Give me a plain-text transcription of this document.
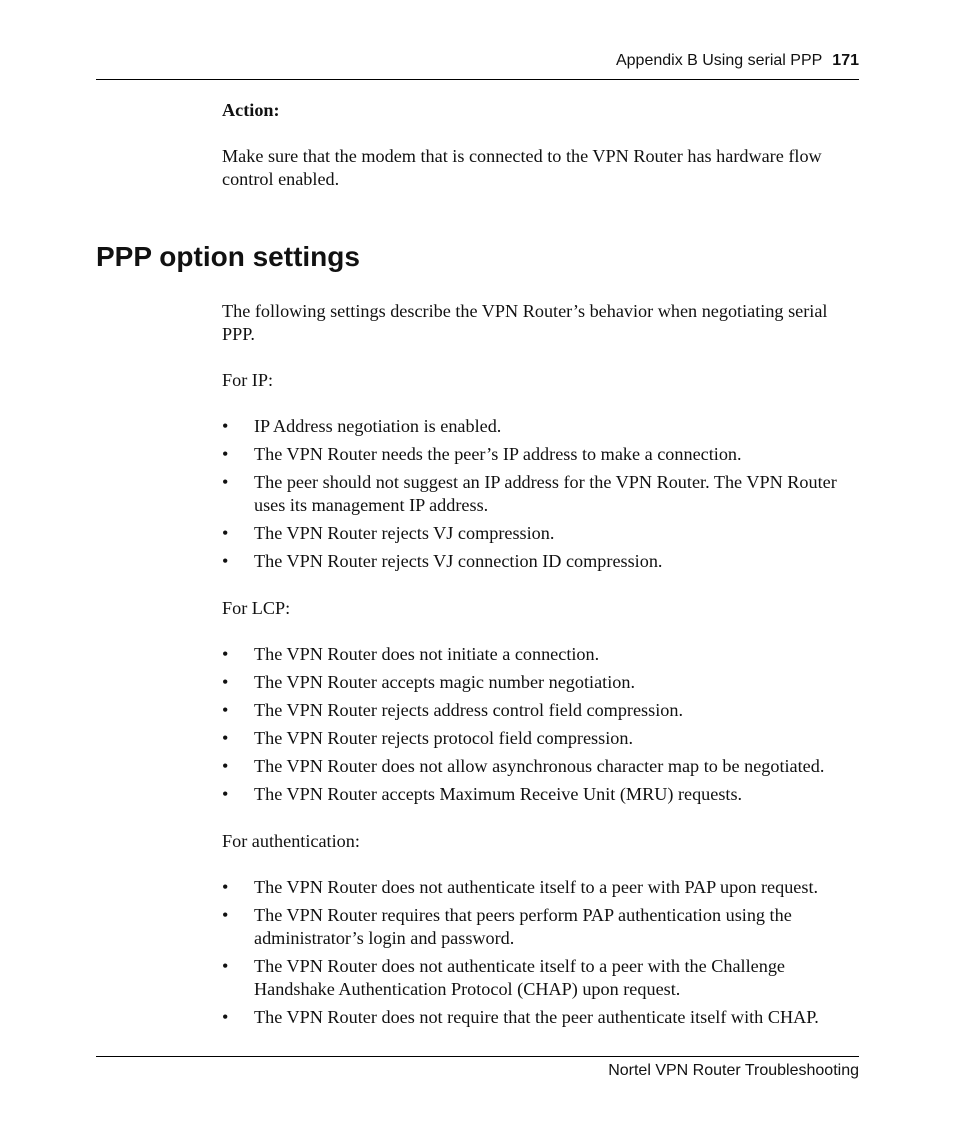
Appendix B Using serial PPP 171
Action:
Make sure that the modem that is connected to the VPN Router has hardware flow control enabled.
PPP option settings
The following settings describe the VPN Router’s behavior when negotiating serial PPP.
For IP:
• IP Address negotiation is enabled.
• The VPN Router needs the peer’s IP address to make a connection.
• The peer should not suggest an IP address for the VPN Router. The VPN Router uses its management IP address.
• The VPN Router rejects VJ compression.
• The VPN Router rejects VJ connection ID compression.
For LCP:
• The VPN Router does not initiate a connection.
• The VPN Router accepts magic number negotiation.
• The VPN Router rejects address control field compression.
• The VPN Router rejects protocol field compression.
• The VPN Router does not allow asynchronous character map to be negotiated.
• The VPN Router accepts Maximum Receive Unit (MRU) requests.
For authentication:
• The VPN Router does not authenticate itself to a peer with PAP upon request.
• The VPN Router requires that peers perform PAP authentication using the administrator’s login and password.
• The VPN Router does not authenticate itself to a peer with the Challenge Handshake Authentication Protocol (CHAP) upon request.
• The VPN Router does not require that the peer authenticate itself with CHAP.
Nortel VPN Router Troubleshooting
